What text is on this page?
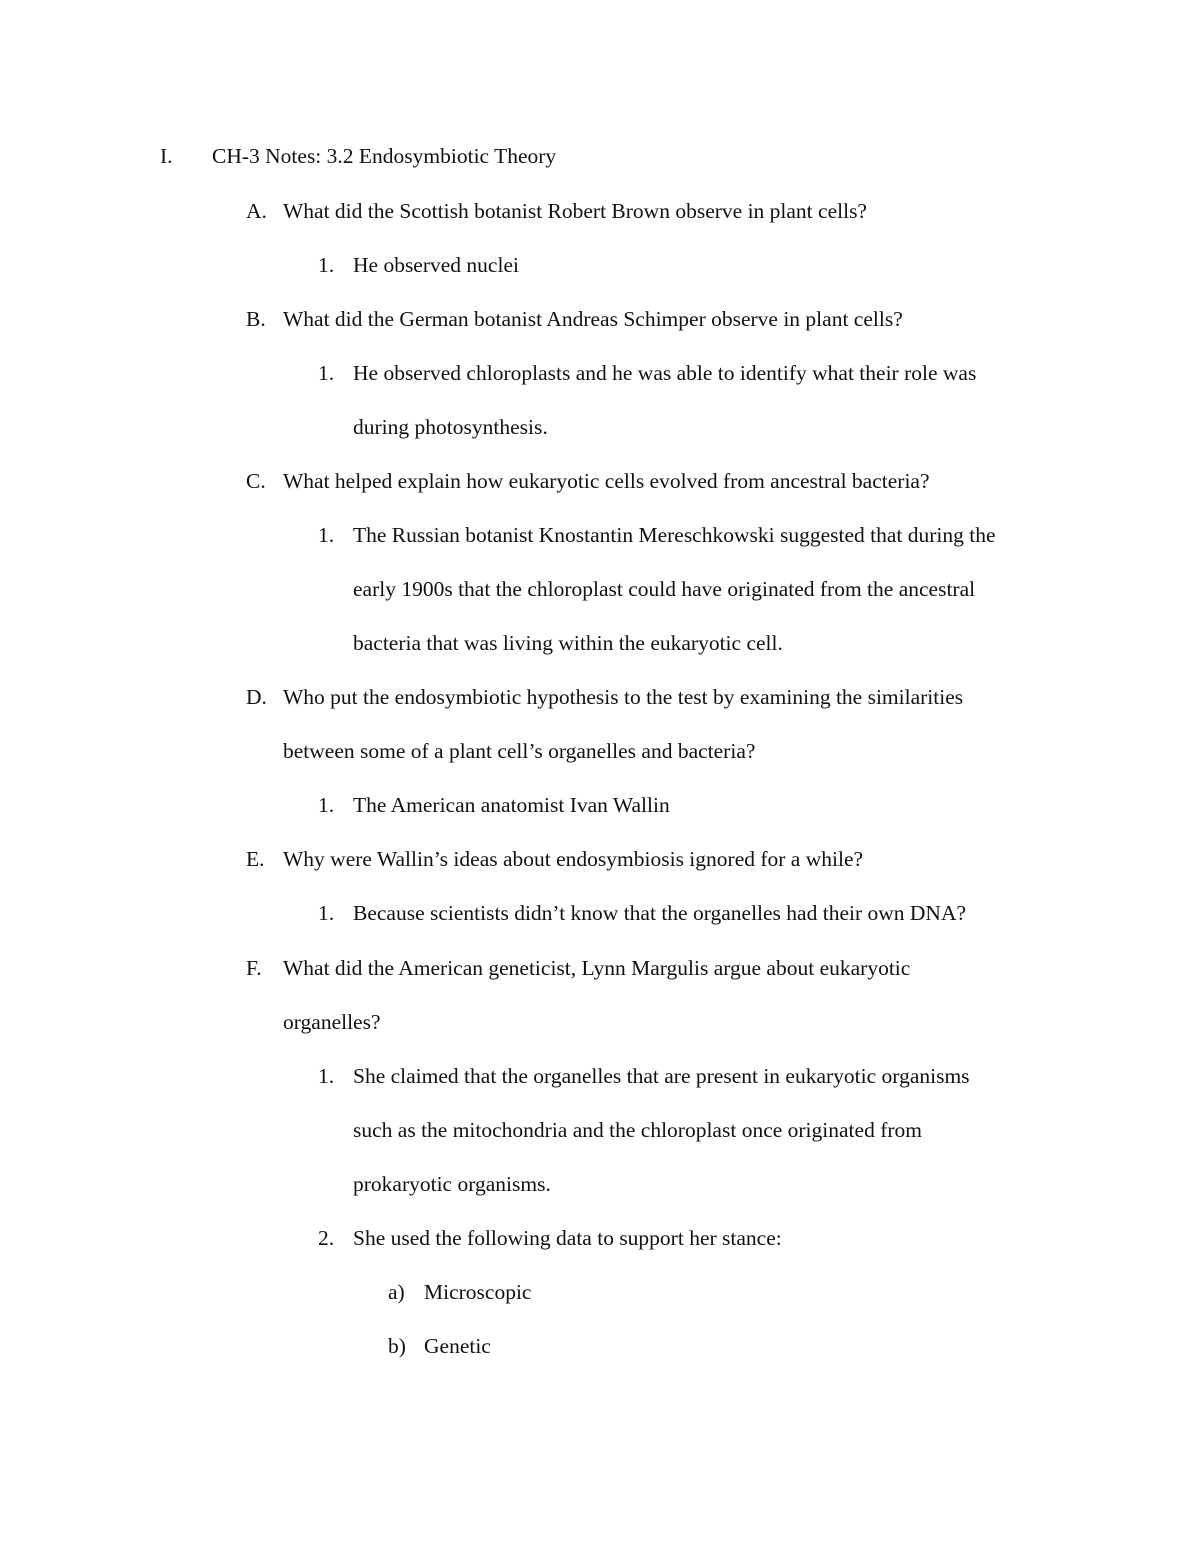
I. CH-3 Notes: 3.2 Endosymbiotic Theory
A. What did the Scottish botanist Robert Brown observe in plant cells?
1. He observed nuclei
B. What did the German botanist Andreas Schimper observe in plant cells?
1. He observed chloroplasts and he was able to identify what their role was
during photosynthesis.
C. What helped explain how eukaryotic cells evolved from ancestral bacteria?
1. The Russian botanist Knostantin Mereschkowski suggested that during the
early 1900s that the chloroplast could have originated from the ancestral
bacteria that was living within the eukaryotic cell.
D. Who put the endosymbiotic hypothesis to the test by examining the similarities
between some of a plant cell’s organelles and bacteria?
1. The American anatomist Ivan Wallin
E. Why were Wallin’s ideas about endosymbiosis ignored for a while?
1. Because scientists didn’t know that the organelles had their own DNA?
F. What did the American geneticist, Lynn Margulis argue about eukaryotic
organelles?
1. She claimed that the organelles that are present in eukaryotic organisms
such as the mitochondria and the chloroplast once originated from
prokaryotic organisms.
2. She used the following data to support her stance:
a) Microscopic
b) Genetic
